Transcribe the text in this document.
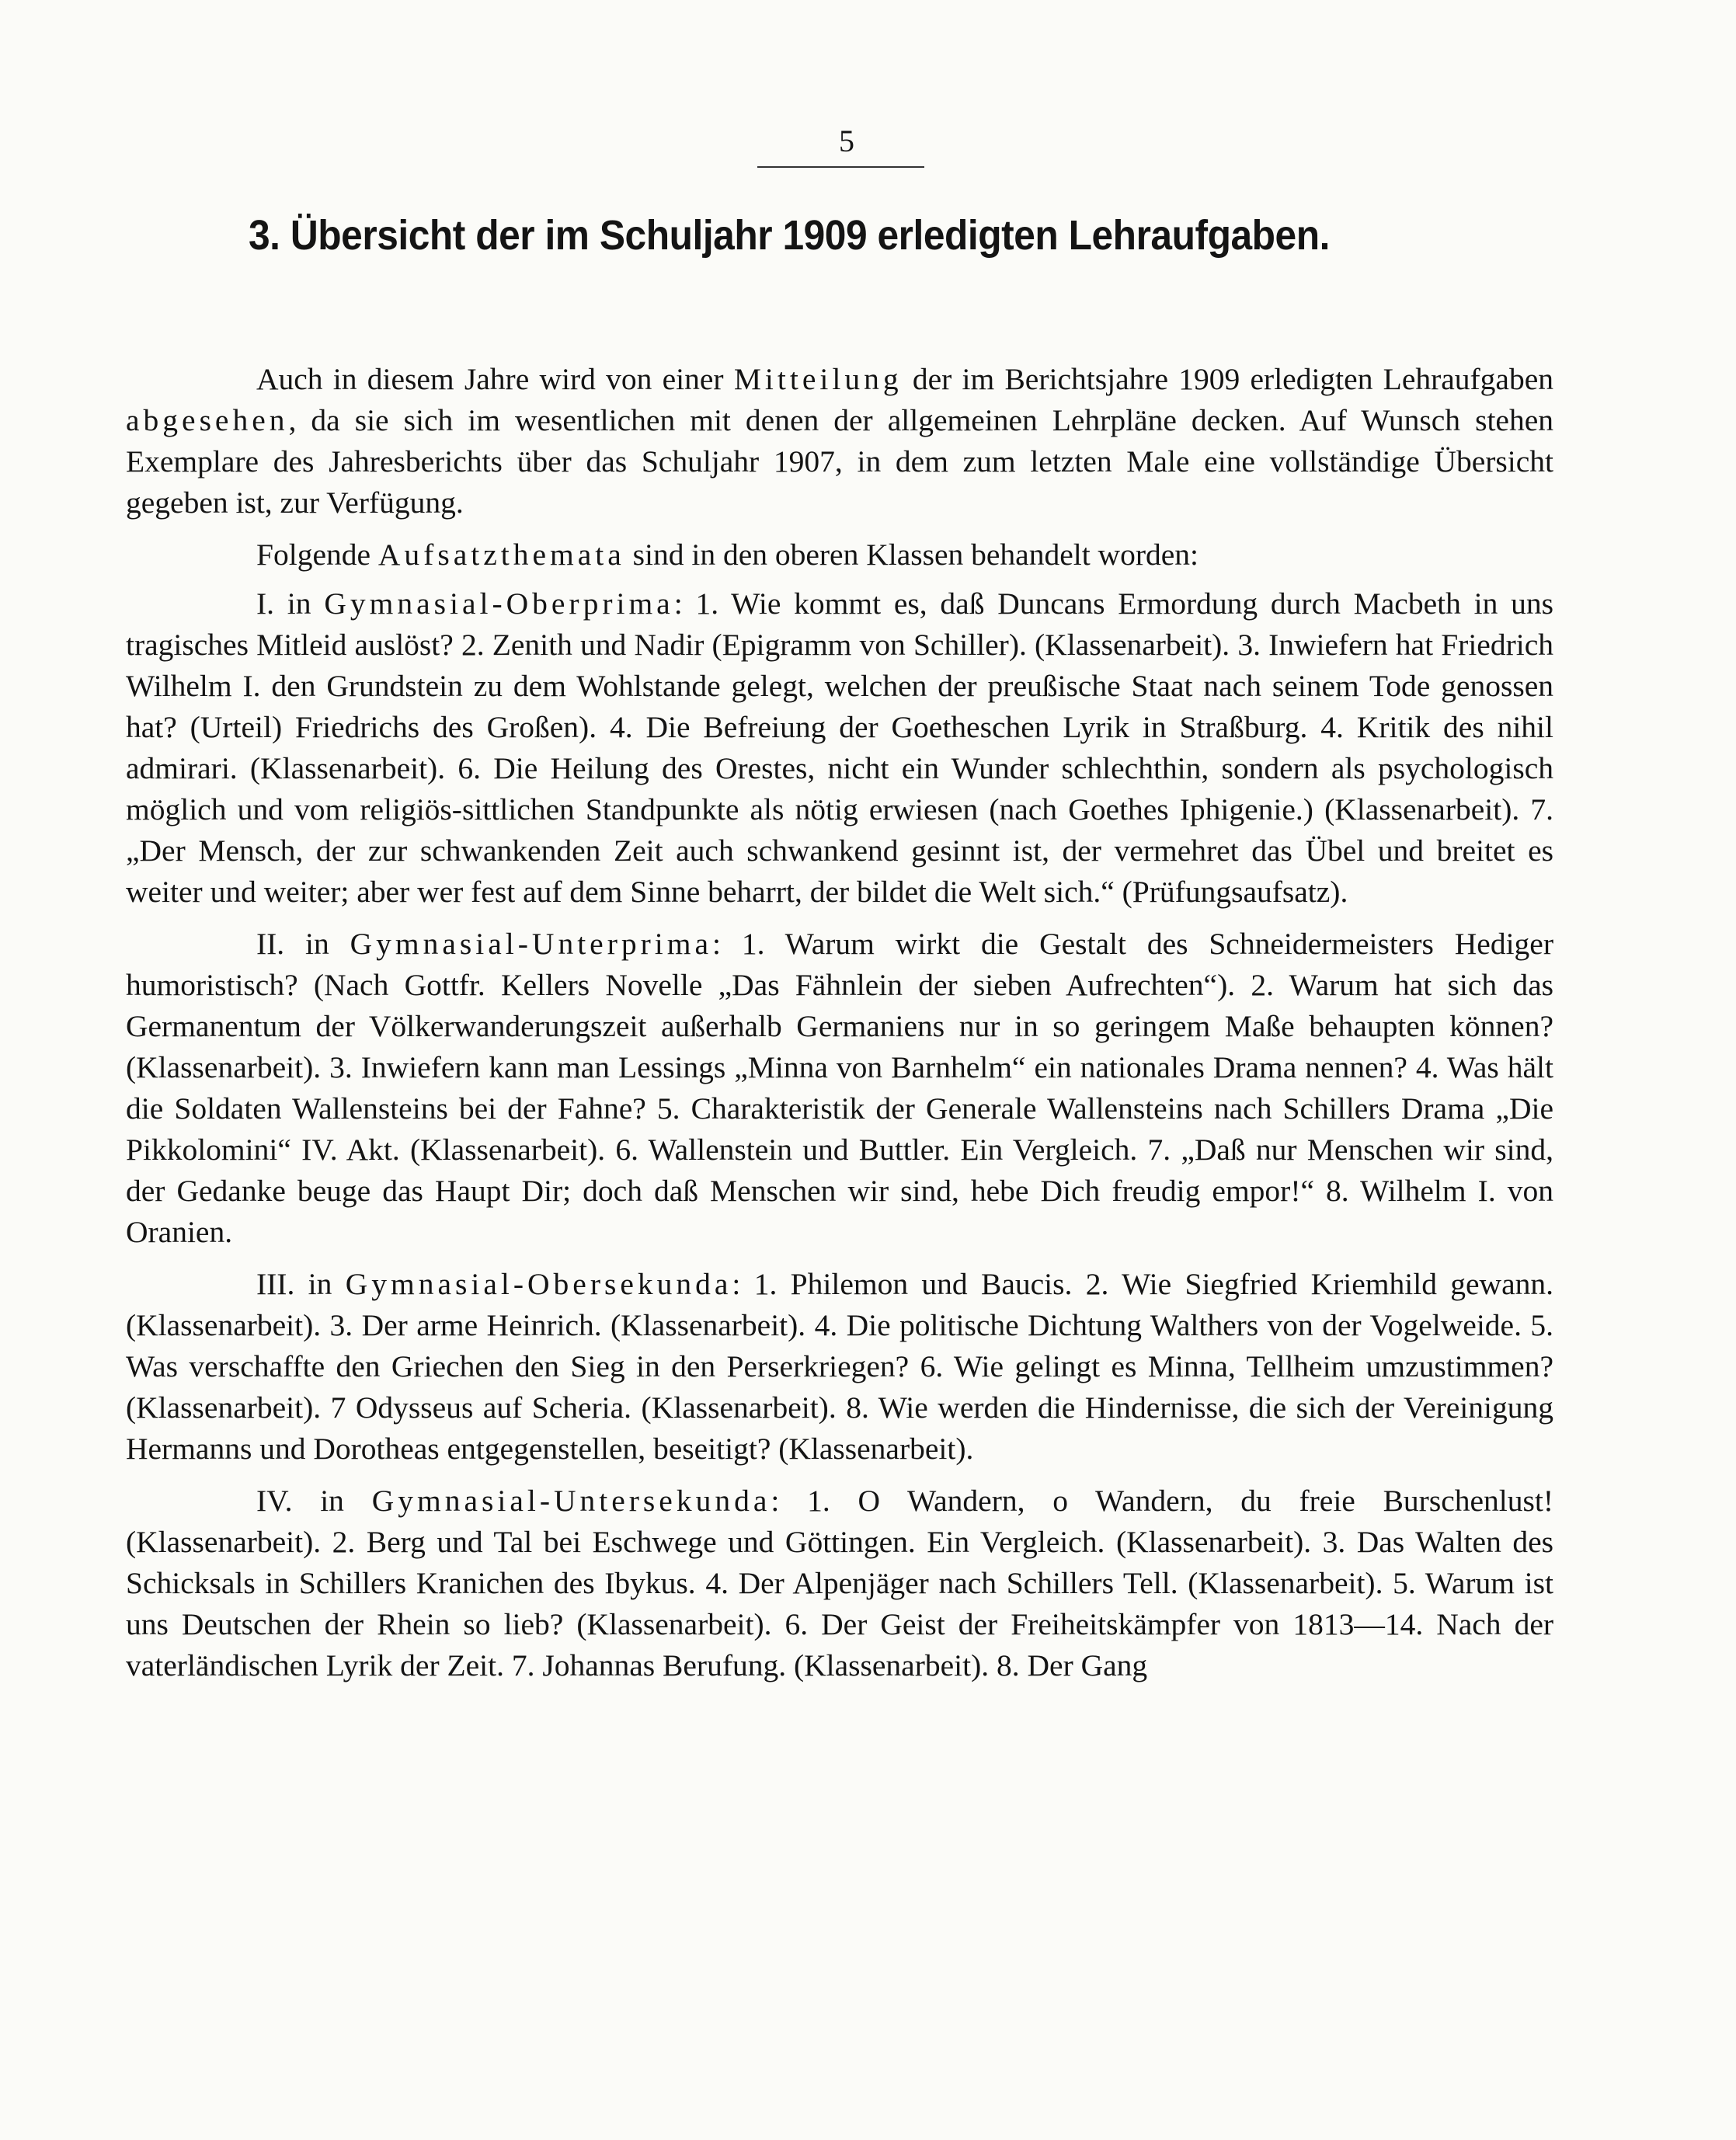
5
3. Übersicht der im Schuljahr 1909 erledigten Lehraufgaben.

Auch in diesem Jahre wird von einer Mitteilung der im Berichtsjahre 1909 erledigten Lehraufgaben abgesehen, da sie sich im wesentlichen mit denen der allgemeinen Lehrpläne decken. Auf Wunsch stehen Exemplare des Jahresberichts über das Schuljahr 1907, in dem zum letzten Male eine vollständige Übersicht gegeben ist, zur Verfügung.

Folgende Aufsatzthemata sind in den oberen Klassen behandelt worden:

I. in Gymnasial-Oberprima: 1. Wie kommt es, daß Duncans Ermordung durch Macbeth in uns tragisches Mitleid auslöst? 2. Zenith und Nadir (Epigramm von Schiller). (Klassenarbeit). 3. Inwiefern hat Friedrich Wilhelm I. den Grundstein zu dem Wohlstande gelegt, welchen der preußische Staat nach seinem Tode genossen hat? (Urteil) Friedrichs des Großen). 4. Die Befreiung der Goetheschen Lyrik in Straßburg. 4. Kritik des nihil admirari. (Klassenarbeit). 6. Die Heilung des Orestes, nicht ein Wunder schlechthin, sondern als psychologisch möglich und vom religiös-sittlichen Standpunkte als nötig erwiesen (nach Goethes Iphigenie.) (Klassenarbeit). 7. „Der Mensch, der zur schwankenden Zeit auch schwankend gesinnt ist, der vermehret das Übel und breitet es weiter und weiter; aber wer fest auf dem Sinne beharrt, der bildet die Welt sich.“ (Prüfungsaufsatz).

II. in Gymnasial-Unterprima: 1. Warum wirkt die Gestalt des Schneidermeisters Hediger humoristisch? (Nach Gottfr. Kellers Novelle „Das Fähnlein der sieben Aufrechten“). 2. Warum hat sich das Germanentum der Völkerwanderungszeit außerhalb Germaniens nur in so geringem Maße behaupten können? (Klassenarbeit). 3. Inwiefern kann man Lessings „Minna von Barnhelm“ ein nationales Drama nennen? 4. Was hält die Soldaten Wallensteins bei der Fahne? 5. Charakteristik der Generale Wallensteins nach Schillers Drama „Die Pikkolomini“ IV. Akt. (Klassenarbeit). 6. Wallenstein und Buttler. Ein Vergleich. 7. „Daß nur Menschen wir sind, der Gedanke beuge das Haupt Dir; doch daß Menschen wir sind, hebe Dich freudig empor!“ 8. Wilhelm I. von Oranien.

III. in Gymnasial-Obersekunda: 1. Philemon und Baucis. 2. Wie Siegfried Kriemhild gewann. (Klassenarbeit). 3. Der arme Heinrich. (Klassenarbeit). 4. Die politische Dichtung Walthers von der Vogelweide. 5. Was verschaffte den Griechen den Sieg in den Perserkriegen? 6. Wie gelingt es Minna, Tellheim umzustimmen? (Klassenarbeit). 7 Odysseus auf Scheria. (Klassenarbeit). 8. Wie werden die Hindernisse, die sich der Vereinigung Hermanns und Dorotheas entgegenstellen, beseitigt? (Klassenarbeit).

IV. in Gymnasial-Untersekunda: 1. O Wandern, o Wandern, du freie Burschenlust! (Klassenarbeit). 2. Berg und Tal bei Eschwege und Göttingen. Ein Vergleich. (Klassenarbeit). 3. Das Walten des Schicksals in Schillers Kranichen des Ibykus. 4. Der Alpenjäger nach Schillers Tell. (Klassenarbeit). 5. Warum ist uns Deutschen der Rhein so lieb? (Klassenarbeit). 6. Der Geist der Freiheitskämpfer von 1813—14. Nach der vaterländischen Lyrik der Zeit. 7. Johannas Berufung. (Klassenarbeit). 8. Der Gang
